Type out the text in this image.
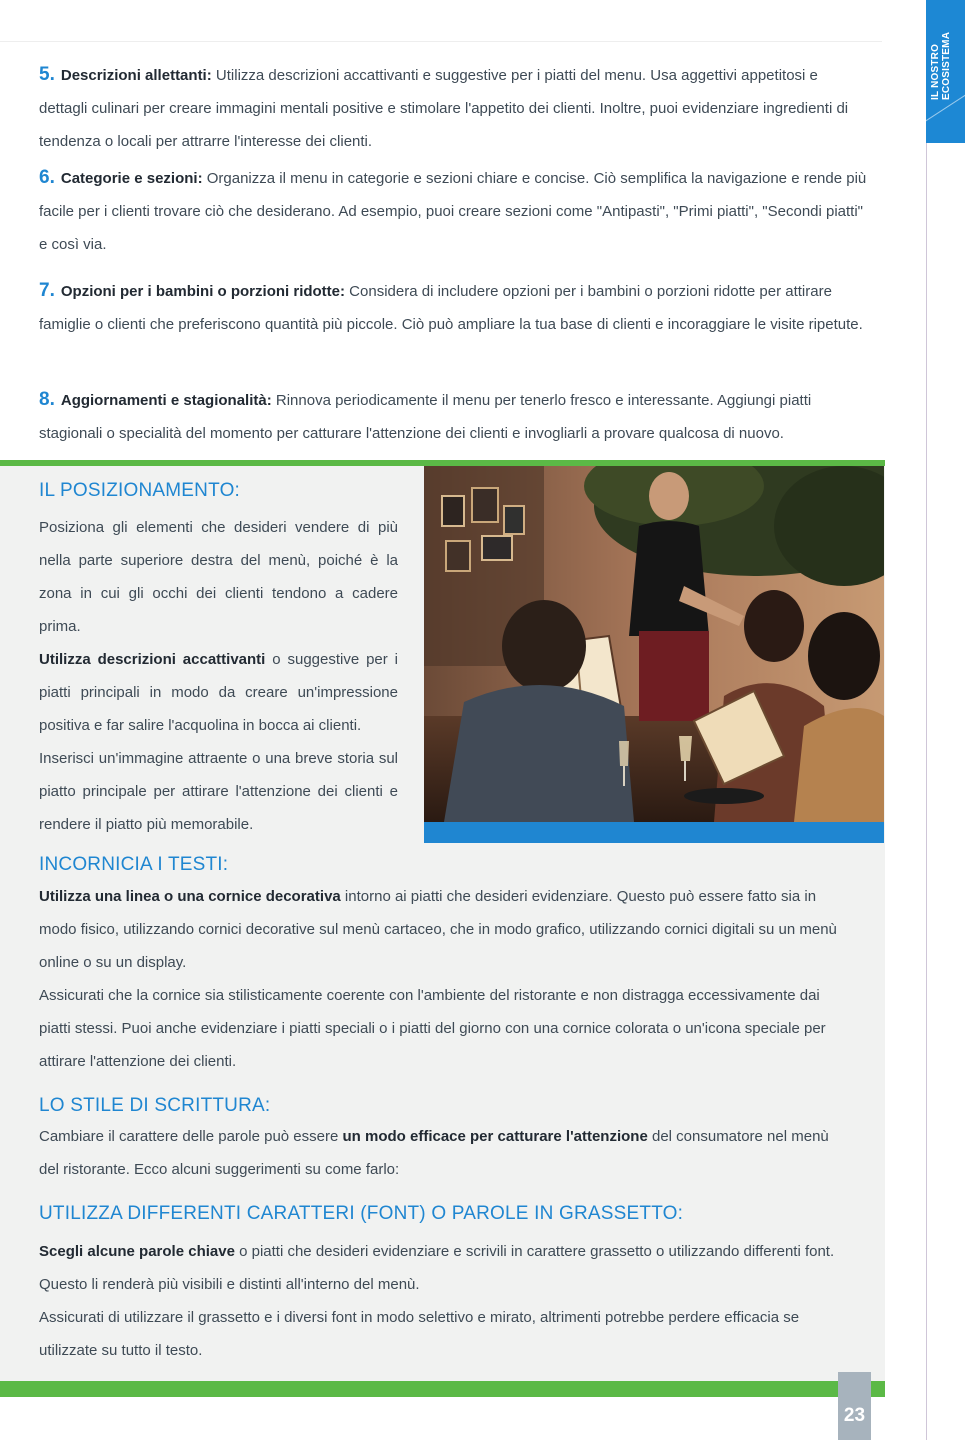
IL NOSTRO ECOSISTEMA

5. Descrizioni allettanti: Utilizza descrizioni accattivanti e suggestive per i piatti del menu. Usa aggettivi appetitosi e dettagli culinari per creare immagini mentali positive e stimolare l'appetito dei clienti. Inoltre, puoi evidenziare ingredienti di tendenza o locali per attrarre l'interesse dei clienti.

6. Categorie e sezioni: Organizza il menu in categorie e sezioni chiare e concise. Ciò semplifica la navigazione e rende più facile per i clienti trovare ciò che desiderano. Ad esempio, puoi creare sezioni come "Antipasti", "Primi piatti", "Secondi piatti" e così via.

7. Opzioni per i bambini o porzioni ridotte: Considera di includere opzioni per i bambini o porzioni ridotte per attirare famiglie o clienti che preferiscono quantità più piccole. Ciò può ampliare la tua base di clienti e incoraggiare le visite ripetute.

8. Aggiornamenti e stagionalità: Rinnova periodicamente il menu per tenerlo fresco e interessante. Aggiungi piatti stagionali o specialità del momento per catturare l'attenzione dei clienti e invogliarli a provare qualcosa di nuovo.

IL POSIZIONAMENTO:

Posiziona gli elementi che desideri vendere di più nella parte superiore destra del menù, poiché è la zona in cui gli occhi dei clienti tendono a cadere prima.

Utilizza descrizioni accattivanti o suggestive per i piatti principali in modo da creare un'impressione positiva e far salire l'acquolina in bocca ai clienti.

Inserisci un'immagine attraente o una breve storia sul piatto principale per attirare l'attenzione dei clienti e rendere il piatto più memorabile.

INCORNICIA I TESTI:

Utilizza una linea o una cornice decorativa intorno ai piatti che desideri evidenziare. Questo può essere fatto sia in modo fisico, utilizzando cornici decorative sul menù cartaceo, che in modo grafico, utilizzando cornici digitali su un menù online o su un display.

Assicurati che la cornice sia stilisticamente coerente con l'ambiente del ristorante e non distragga eccessivamente dai piatti stessi. Puoi anche evidenziare i piatti speciali o i piatti del giorno con una cornice colorata o un'icona speciale per attirare l'attenzione dei clienti.

LO STILE DI SCRITTURA:

Cambiare il carattere delle parole può essere un modo efficace per catturare l'attenzione del consumatore nel menù del ristorante. Ecco alcuni suggerimenti su come farlo:

UTILIZZA DIFFERENTI CARATTERI (FONT) O PAROLE IN GRASSETTO:

Scegli alcune parole chiave o piatti che desideri evidenziare e scrivili in carattere grassetto o utilizzando differenti font. Questo li renderà più visibili e distinti all'interno del menù.

Assicurati di utilizzare il grassetto e i diversi font in modo selettivo e mirato, altrimenti potrebbe perdere efficacia se utilizzate su tutto il testo.

23
